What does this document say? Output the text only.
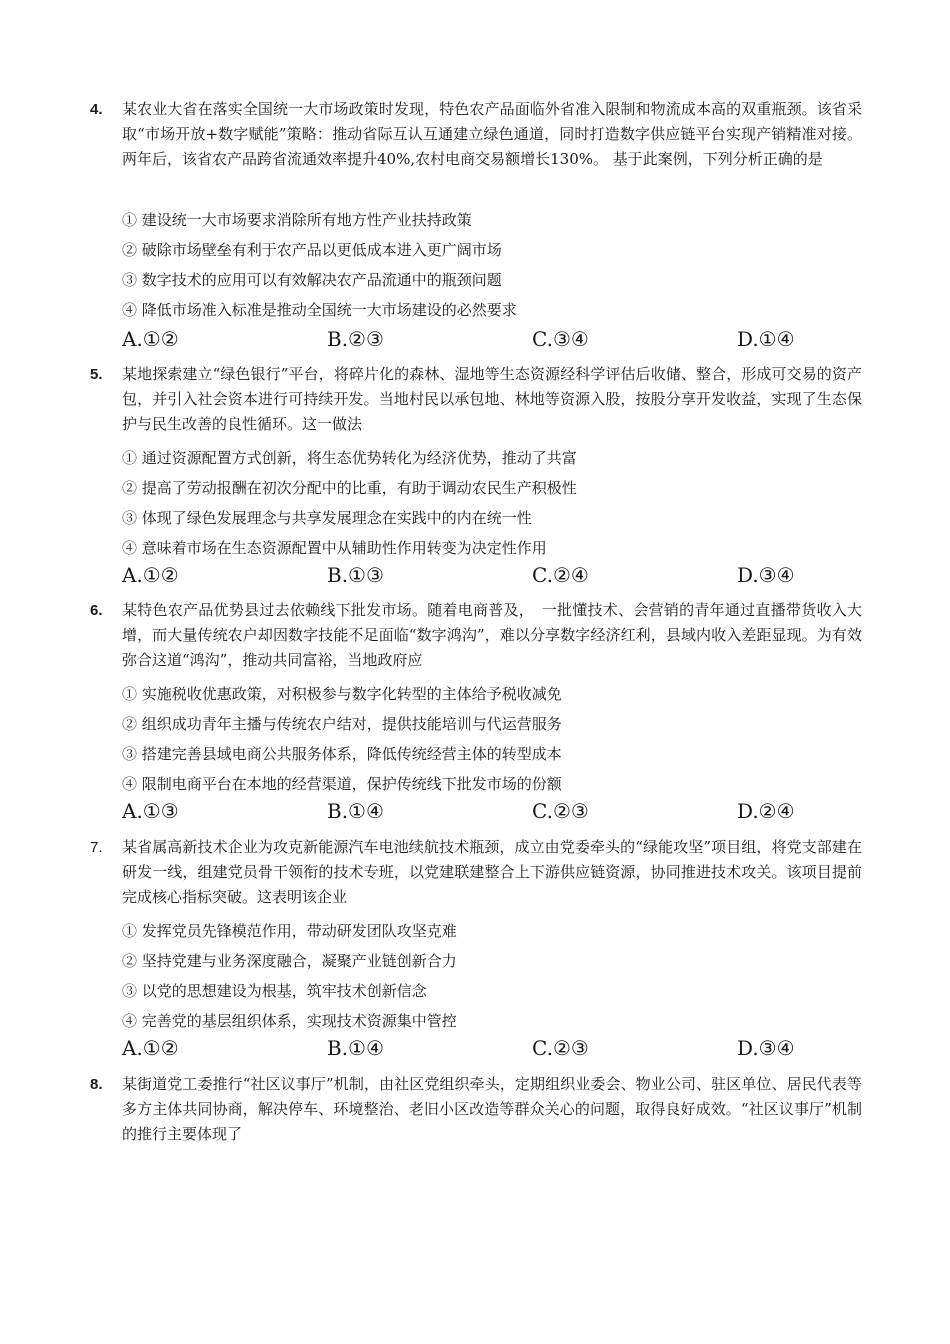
4. 某农业大省在落实全国统一大市场政策时发现，特色农产品面临外省准入限制和物流成本高的双重瓶颈。该省采取“市场开放+数字赋能”策略：推动省际互认互通建立绿色通道，同时打造数字供应链平台实现产销精准对接。两年后，该省农产品跨省流通效率提升40%,农村电商交易额增长130%。 基于此案例，下列分析正确的是
① 建设统一大市场要求消除所有地方性产业扶持政策
② 破除市场壁垒有利于农产品以更低成本进入更广阔市场
③ 数字技术的应用可以有效解决农产品流通中的瓶颈问题
④ 降低市场准入标准是推动全国统一大市场建设的必然要求
A.①②	B.②③	C.③④	D.①④
5. 某地探索建立“绿色银行”平台，将碎片化的森林、湿地等生态资源经科学评估后收储、整合，形成可交易的资产包，并引入社会资本进行可持续开发。当地村民以承包地、林地等资源入股，按股分享开发收益，实现了生态保护与民生改善的良性循环。这一做法
① 通过资源配置方式创新，将生态优势转化为经济优势，推动了共富
② 提高了劳动报酬在初次分配中的比重，有助于调动农民生产积极性
③ 体现了绿色发展理念与共享发展理念在实践中的内在统一性
④ 意味着市场在生态资源配置中从辅助性作用转变为决定性作用
A.①②	B.①③	C.②④	D.③④
6. 某特色农产品优势县过去依赖线下批发市场。随着电商普及，　一批懂技术、会营销的青年通过直播带货收入大增，而大量传统农户却因数字技能不足面临“数字鸿沟”，难以分享数字经济红利，县域内收入差距显现。为有效弥合这道“鸿沟”，推动共同富裕，当地政府应
① 实施税收优惠政策，对积极参与数字化转型的主体给予税收减免
② 组织成功青年主播与传统农户结对，提供技能培训与代运营服务
③ 搭建完善县域电商公共服务体系，降低传统经营主体的转型成本
④ 限制电商平台在本地的经营渠道，保护传统线下批发市场的份额
A.①③	B.①④	C.②③	D.②④
7. 某省属高新技术企业为攻克新能源汽车电池续航技术瓶颈，成立由党委牵头的“绿能攻坚”项目组，将党支部建在研发一线，组建党员骨干领衔的技术专班，以党建联建整合上下游供应链资源，协同推进技术攻关。该项目提前完成核心指标突破。这表明该企业
① 发挥党员先锋模范作用，带动研发团队攻坚克难
② 坚持党建与业务深度融合，凝聚产业链创新合力
③ 以党的思想建设为根基，筑牢技术创新信念
④ 完善党的基层组织体系，实现技术资源集中管控
A.①②	B.①④	C.②③	D.③④
8. 某街道党工委推行“社区议事厅”机制，由社区党组织牵头，定期组织业委会、物业公司、驻区单位、居民代表等多方主体共同协商，解决停车、环境整治、老旧小区改造等群众关心的问题，取得良好成效。“社区议事厅”机制的推行主要体现了
